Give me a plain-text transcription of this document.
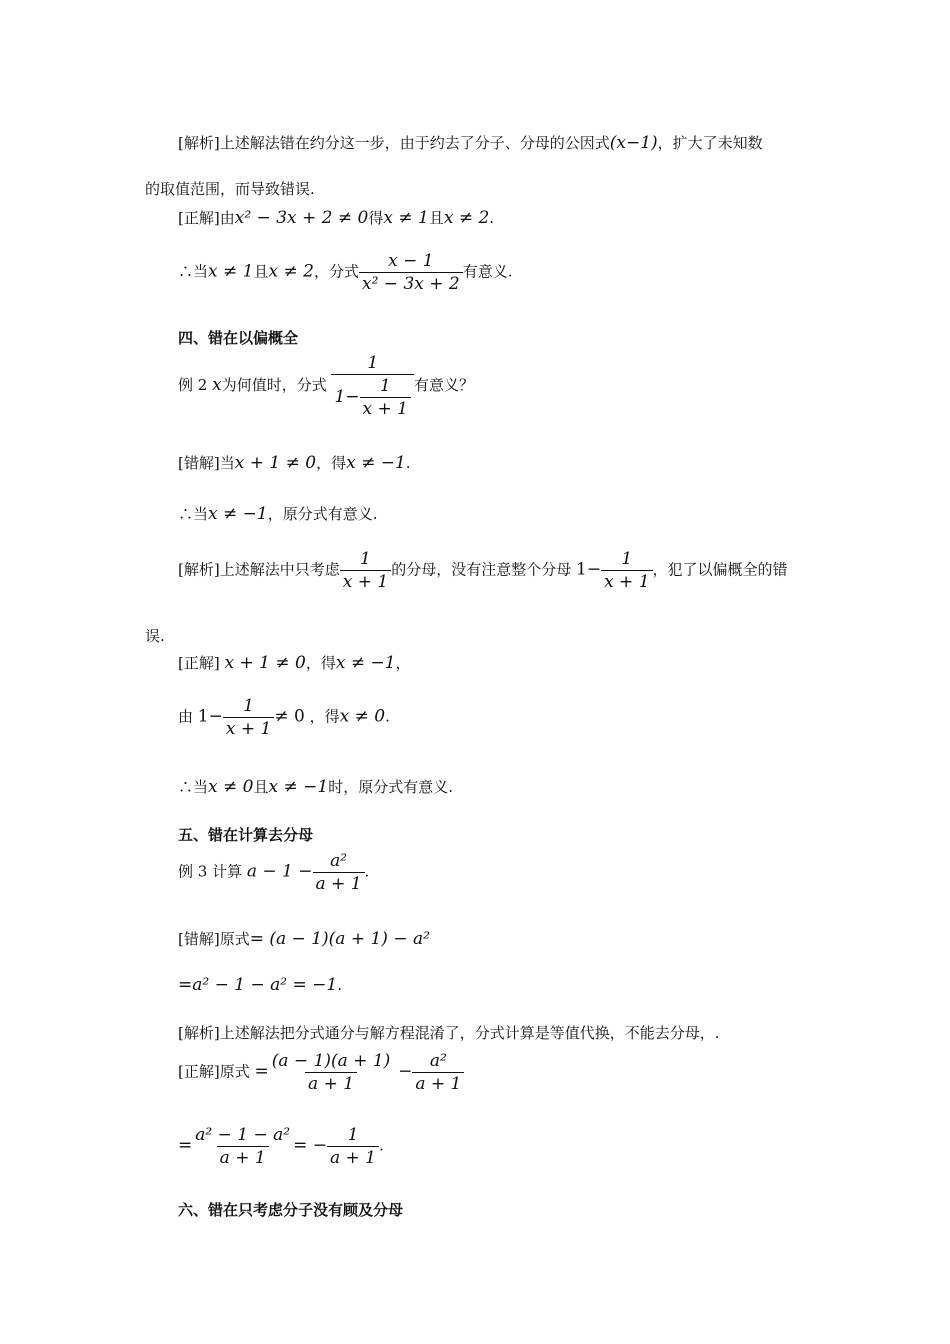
[解析]上述解法错在约分这一步，由于约去了分子、分母的公因式(x−1)，扩大了未知数
的取值范围，而导致错误.
[正解]由x² − 3x + 2 ≠ 0得x ≠ 1且x ≠ 2.
∴当x ≠ 1且x ≠ 2，分式 $\frac{x - 1}{\text{x² − 3x + 2}}$ 有意义.
四、错在以偏概全
例 2 x为何值时，分式 $\frac{1}{1- \frac{1}{x + 1}}$ 有意义？
[错解]当x + 1 ≠ 0，得x ≠ −1.
∴当x ≠ −1，原分式有意义.
[解析]上述解法中只考虑 $\frac{1}{x + 1}$ 的分母，没有注意整个分母 $1- \frac{1}{x + 1}$ ，犯了以偏概全的错
误.
[正解] x + 1 ≠ 0，得x ≠ −1，
由 $1- \frac{1}{x + 1} \ne 0$ ，得x ≠ 0.
∴当x ≠ 0且x ≠ −1时，原分式有意义.
五、错在计算去分母
例 3 计算 $a - 1 - \frac{\text{a²}}{a + 1}$ .
[错解]原式= (a − 1)(a + 1) − a²
=a² − 1 − a² = −1.
[解析]上述解法把分式通分与解方程混淆了，分式计算是等值代换，不能去分母，.
[正解]原式 = $\frac{(a - 1)(a + 1)}{a + 1} - \frac{\text{a²}}{a + 1}$
= $\frac{\text{a² − 1 − a²}}{a + 1}$ = − $\frac{1}{a + 1}$ .
六、错在只考虑分子没有顾及分母
